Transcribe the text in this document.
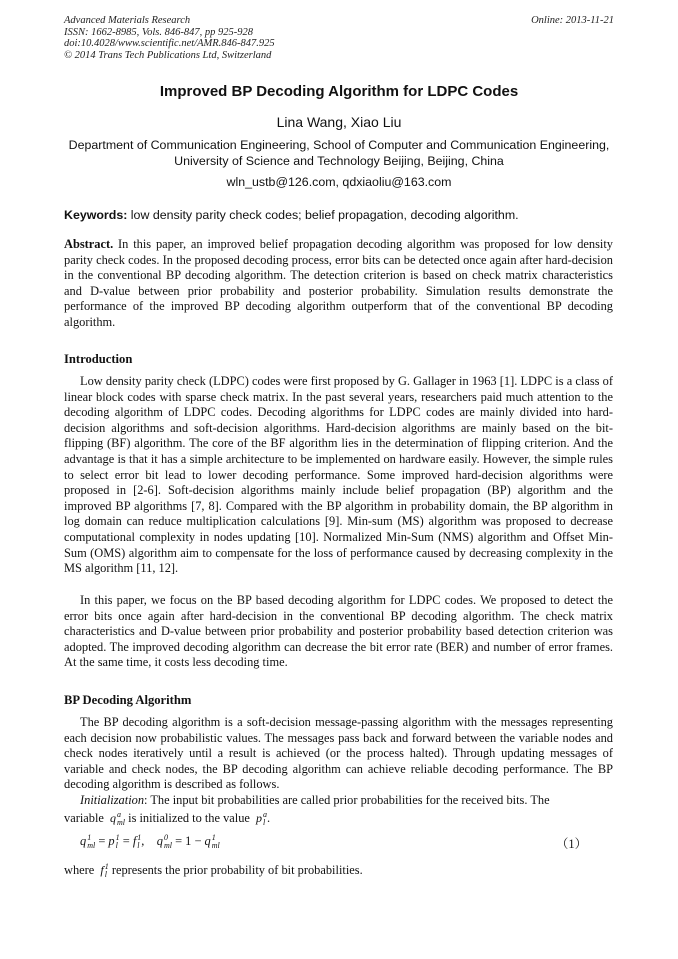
Advanced Materials Research
ISSN: 1662-8985, Vols. 846-847, pp 925-928
doi:10.4028/www.scientific.net/AMR.846-847.925
© 2014 Trans Tech Publications Ltd, Switzerland
Online: 2013-11-21
Improved BP Decoding Algorithm for LDPC Codes
Lina Wang, Xiao Liu
Department of Communication Engineering, School of Computer and Communication Engineering,
University of Science and Technology Beijing, Beijing, China
wln_ustb@126.com, qdxiaoliu@163.com
Keywords: low density parity check codes; belief propagation, decoding algorithm.
Abstract. In this paper, an improved belief propagation decoding algorithm was proposed for low density parity check codes. In the proposed decoding process, error bits can be detected once again after hard-decision in the conventional BP decoding algorithm. The detection criterion is based on check matrix characteristics and D-value between prior probability and posterior probability. Simulation results demonstrate the performance of the improved BP decoding algorithm outperform that of the conventional BP decoding algorithm.
Introduction
Low density parity check (LDPC) codes were first proposed by G. Gallager in 1963 [1]. LDPC is a class of linear block codes with sparse check matrix. In the past several years, researchers paid much attention to the decoding algorithm of LDPC codes. Decoding algorithms for LDPC codes are mainly divided into hard-decision algorithms and soft-decision algorithms. Hard-decision algorithms are mainly based on the bit-flipping (BF) algorithm. The core of the BF algorithm lies in the determination of flipping criterion. And the advantage is that it has a simple architecture to be implemented on hardware easily. However, the simple rules to select error bit lead to lower decoding performance. Some improved hard-decision algorithms were proposed in [2-6]. Soft-decision algorithms mainly include belief propagation (BP) algorithm and the improved BP algorithms [7, 8]. Compared with the BP algorithm in probability domain, the BP algorithm in log domain can reduce multiplication calculations [9]. Min-sum (MS) algorithm was proposed to decrease computational complexity in nodes updating [10]. Normalized Min-Sum (NMS) algorithm and Offset Min-Sum (OMS) algorithm aim to compensate for the loss of performance caused by decreasing complexity in the MS algorithm [11, 12].
In this paper, we focus on the BP based decoding algorithm for LDPC codes. We proposed to detect the error bits once again after hard-decision in the conventional BP decoding algorithm. The check matrix characteristics and D-value between prior probability and posterior probability based detection criterion was adopted. The improved decoding algorithm can decrease the bit error rate (BER) and number of error frames. At the same time, it costs less decoding time.
BP Decoding Algorithm
The BP decoding algorithm is a soft-decision message-passing algorithm with the messages representing each decision now probabilistic values. The messages pass back and forward between the variable nodes and check nodes iteratively until a result is achieved (or the process halted). Through updating messages of variable and check nodes, the BP decoding algorithm can achieve reliable decoding performance. The BP decoding algorithm is described as follows.
Initialization: The input bit probabilities are called prior probabilities for the received bits. The
variable  qa
ml is initialized to the value  pa
l .
q1
ml = p1
l = f1
l ,    q0
ml = 1 − q1
ml	（1）
where  f1
l represents the prior probability of bit probabilities.
